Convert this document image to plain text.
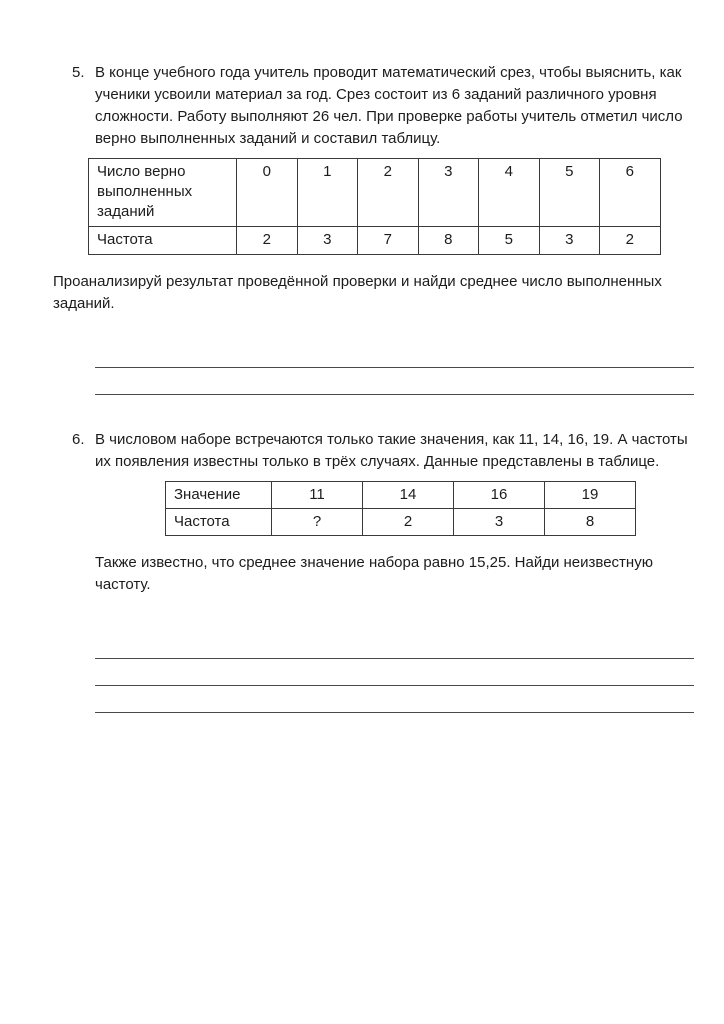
5. В конце учебного года учитель проводит математический срез, чтобы выяснить, как ученики усвоили материал за год. Срез состоит из 6 заданий различного уровня сложности. Работу выполняют 26 чел. При проверке работы учитель отметил число верно выполненных заданий и составил таблицу.
Число верно выполненных заданий	0	1	2	3	4	5	6
Частота	2	3	7	8	5	3	2

Проанализируй результат проведённой проверки и найди среднее число выполненных заданий.

6. В числовом наборе встречаются только такие значения, как 11, 14, 16, 19. А частоты их появления известны только в трёх случаях. Данные представлены в таблице.
Значение	11	14	16	19
Частота	?	2	3	8

Также известно, что среднее значение набора равно 15,25. Найди неизвестную частоту.
